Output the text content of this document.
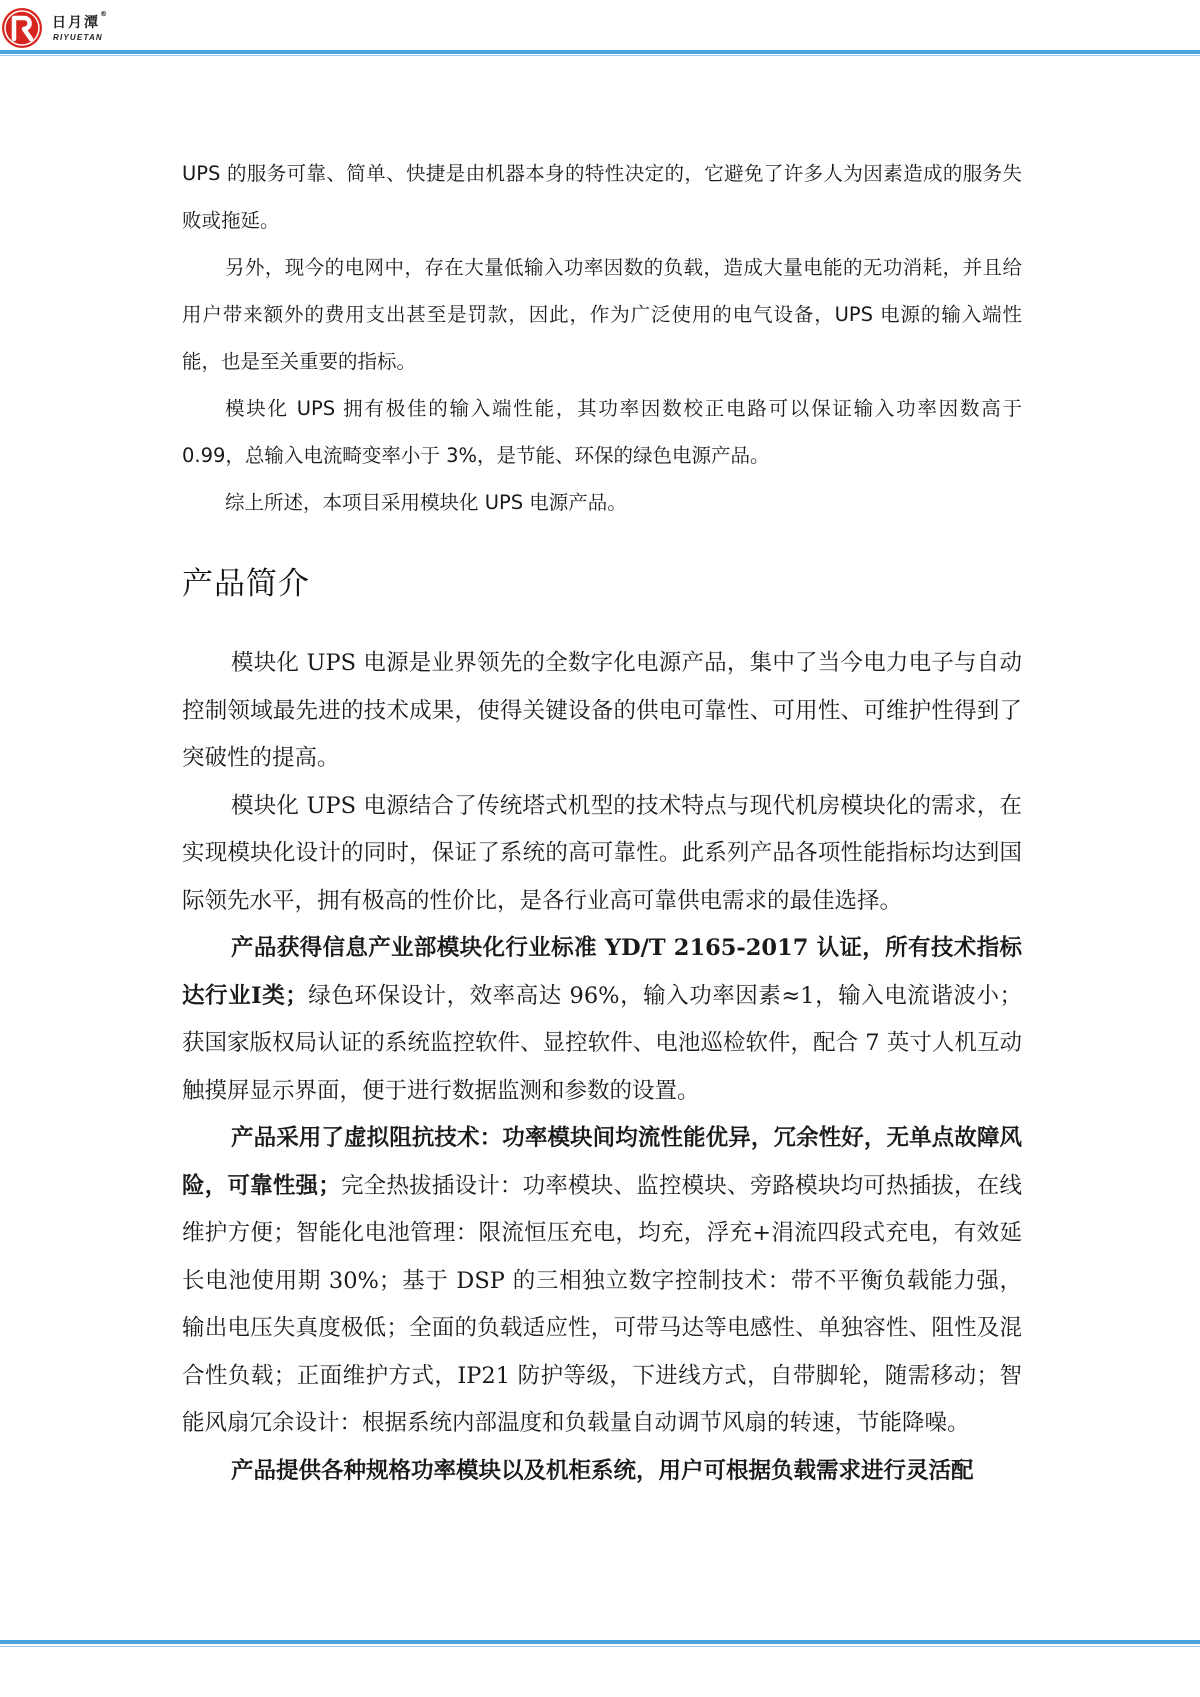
日月潭®
RIYUETAN

UPS 的服务可靠、简单、快捷是由机器本身的特性决定的，它避免了许多人为因素造成的服务失败或拖延。

另外，现今的电网中，存在大量低输入功率因数的负载，造成大量电能的无功消耗，并且给用户带来额外的费用支出甚至是罚款，因此，作为广泛使用的电气设备，UPS 电源的输入端性能，也是至关重要的指标。

模块化 UPS 拥有极佳的输入端性能，其功率因数校正电路可以保证输入功率因数高于 0.99，总输入电流畸变率小于 3%，是节能、环保的绿色电源产品。

综上所述，本项目采用模块化 UPS 电源产品。

产品简介

模块化 UPS 电源是业界领先的全数字化电源产品，集中了当今电力电子与自动控制领域最先进的技术成果，使得关键设备的供电可靠性、可用性、可维护性得到了突破性的提高。

模块化 UPS 电源结合了传统塔式机型的技术特点与现代机房模块化的需求，在实现模块化设计的同时，保证了系统的高可靠性。此系列产品各项性能指标均达到国际领先水平，拥有极高的性价比，是各行业高可靠供电需求的最佳选择。

产品获得信息产业部模块化行业标准 YD/T 2165-2017 认证，所有技术指标达行业Ⅰ类；绿色环保设计，效率高达 96%，输入功率因素≈1，输入电流谐波小；获国家版权局认证的系统监控软件、显控软件、电池巡检软件，配合 7 英寸人机互动触摸屏显示界面，便于进行数据监测和参数的设置。

产品采用了虚拟阻抗技术：功率模块间均流性能优异，冗余性好，无单点故障风险，可靠性强；完全热拔插设计：功率模块、监控模块、旁路模块均可热插拔，在线维护方便；智能化电池管理：限流恒压充电，均充，浮充+涓流四段式充电，有效延长电池使用期 30%；基于 DSP 的三相独立数字控制技术：带不平衡负载能力强，输出电压失真度极低；全面的负载适应性，可带马达等电感性、单独容性、阻性及混合性负载；正面维护方式，IP21 防护等级，下进线方式，自带脚轮，随需移动；智能风扇冗余设计：根据系统内部温度和负载量自动调节风扇的转速，节能降噪。

产品提供各种规格功率模块以及机柜系统，用户可根据负载需求进行灵活配
